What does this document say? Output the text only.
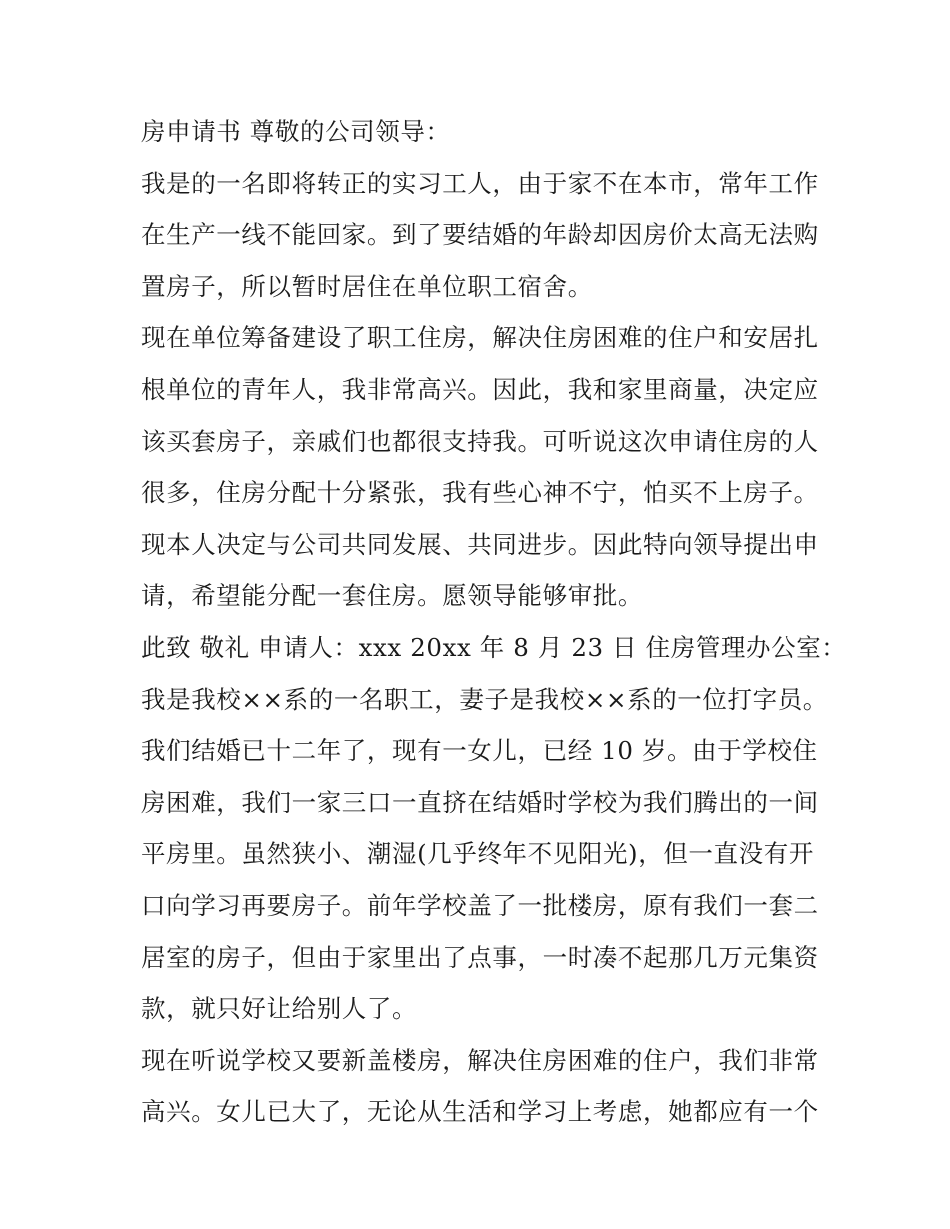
房申请书 尊敬的公司领导：
我是的一名即将转正的实习工人，由于家不在本市，常年工作
在生产一线不能回家。到了要结婚的年龄却因房价太高无法购
置房子，所以暂时居住在单位职工宿舍。
现在单位筹备建设了职工住房，解决住房困难的住户和安居扎
根单位的青年人，我非常高兴。因此，我和家里商量，决定应
该买套房子，亲戚们也都很支持我。可听说这次申请住房的人
很多，住房分配十分紧张，我有些心神不宁，怕买不上房子。
现本人决定与公司共同发展、共同进步。因此特向领导提出申
请，希望能分配一套住房。愿领导能够审批。
此致 敬礼 申请人：xxx 20xx 年 8 月 23 日 住房管理办公室：
我是我校××系的一名职工，妻子是我校××系的一位打字员。
我们结婚已十二年了，现有一女儿，已经 10 岁。由于学校住
房困难，我们一家三口一直挤在结婚时学校为我们腾出的一间
平房里。虽然狭小、潮湿(几乎终年不见阳光)，但一直没有开
口向学习再要房子。前年学校盖了一批楼房，原有我们一套二
居室的房子，但由于家里出了点事，一时凑不起那几万元集资
款，就只好让给别人了。
现在听说学校又要新盖楼房，解决住房困难的住户，我们非常
高兴。女儿已大了，无论从生活和学习上考虑，她都应有一个
